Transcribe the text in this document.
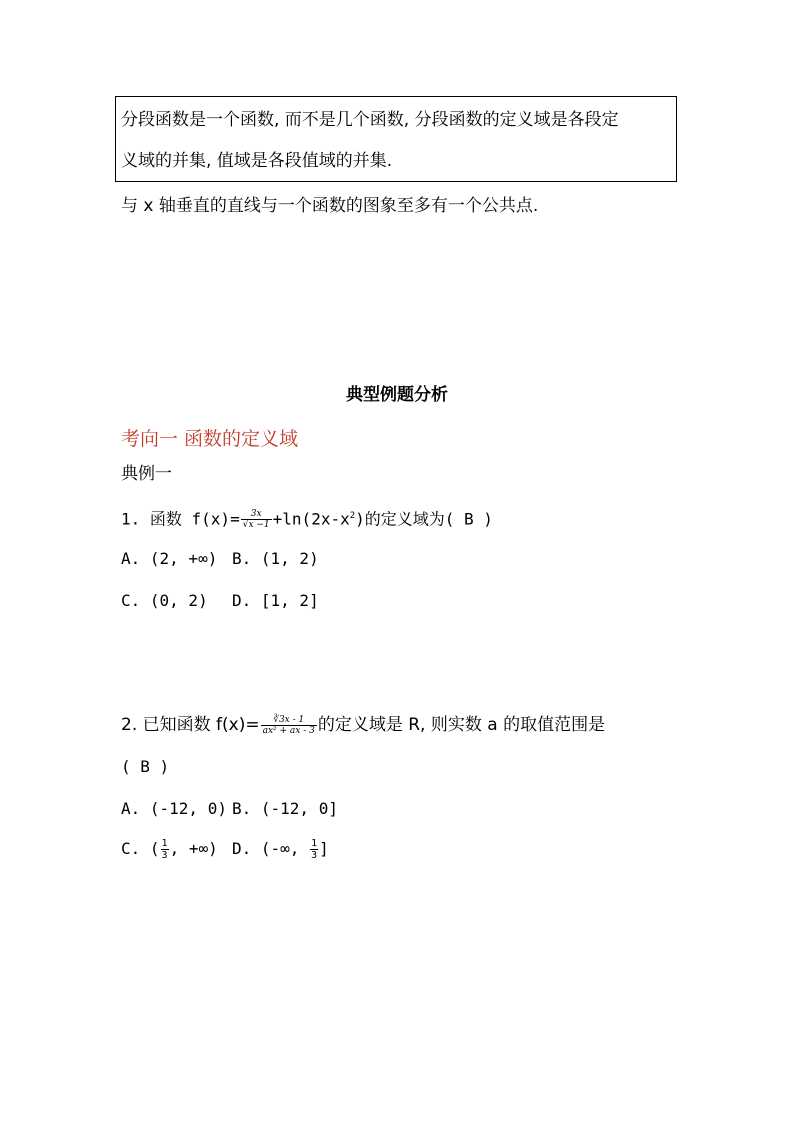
分段函数是一个函数, 而不是几个函数, 分段函数的定义域是各段定
义域的并集, 值域是各段值域的并集.
与 x 轴垂直的直线与一个函数的图象至多有一个公共点.
典型例题分析
考向一 函数的定义域
典例一
1. 函数 $f(x)= \frac{3x}{√x -1} +\ln(2x-x^2)$的定义域为( B )
A. (2, +∞) B. (1, 2)
C. (0, 2) D. [1, 2]
2. 已知函数 $f(x)= \frac{∛3x - 1}{\text{ax² + ax - 3}}$ 的定义域是 R, 则实数 a 的取值范围是
( B )
A. (-12, 0) B. (-12, 0]
C. ( $\frac{1}{3}$ , +∞) D. (-∞, $\frac{1}{3}$ ]
